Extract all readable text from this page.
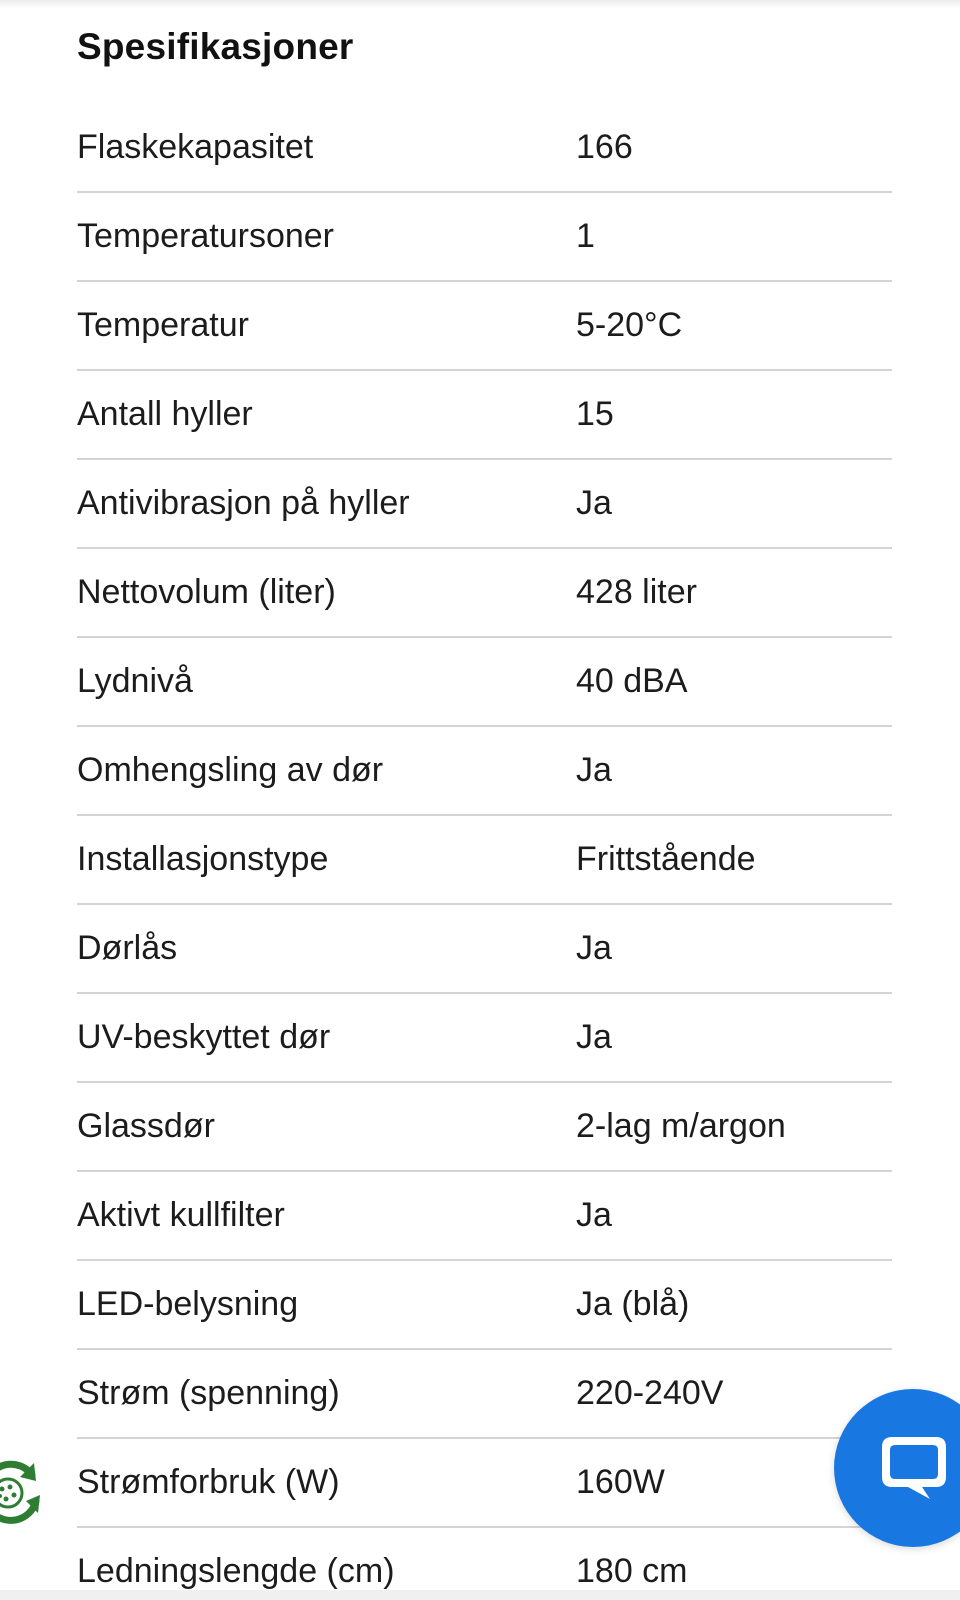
Spesifikasjoner
Flaskekapasitet	166
Temperatursoner	1
Temperatur	5-20°C
Antall hyller	15
Antivibrasjon på hyller	Ja
Nettovolum (liter)	428 liter
Lydnivå	40 dBA
Omhengsling av dør	Ja
Installasjonstype	Frittstående
Dørlås	Ja
UV-beskyttet dør	Ja
Glassdør	2-lag m/argon
Aktivt kullfilter	Ja
LED-belysning	Ja (blå)
Strøm (spenning)	220-240V
Strømforbruk (W)	160W
Ledningslengde (cm)	180 cm
